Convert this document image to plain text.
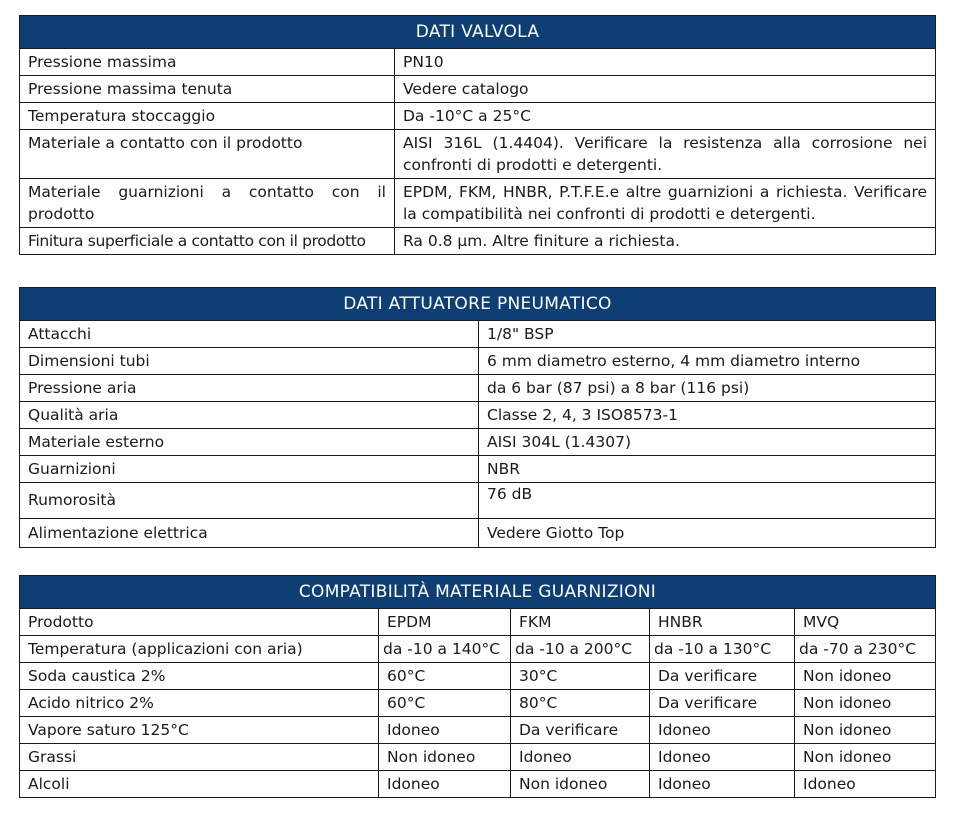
DATI VALVOLA	
Pressione massima	PN10
Pressione massima tenuta	Vedere catalogo
Temperatura stoccaggio	Da -10°C a 25°C
Materiale a contatto con il prodotto	AISI 316L (1.4404). Verificare la resistenza alla corrosione nei confronti di prodotti e detergenti.
Materiale guarnizioni a contatto con il prodotto	EPDM, FKM, HNBR, P.T.F.E.e altre guarnizioni a richiesta. Verificare la compatibilità nei confronti di prodotti e detergenti.
Finitura superficiale a contatto con il prodotto	Ra 0.8 μm. Altre finiture a richiesta.
DATI ATTUATORE PNEUMATICO	
Attacchi	1/8" BSP
Dimensioni tubi	6 mm diametro esterno, 4 mm diametro interno
Pressione aria	da 6 bar (87 psi) a 8 bar (116 psi)
Qualità aria	Classe 2, 4, 3 ISO8573-1
Materiale esterno	AISI 304L (1.4307)
Guarnizioni	NBR
Rumorosità	76 dB
Alimentazione elettrica	Vedere Giotto Top
COMPATIBILITÀ MATERIALE GUARNIZIONI				
Prodotto	EPDM	FKM	HNBR	MVQ
Temperatura (applicazioni con aria)	da -10 a 140°C	da -10 a 200°C	da -10 a 130°C	da -70 a 230°C
Soda caustica 2%	60°C	30°C	Da verificare	Non idoneo
Acido nitrico 2%	60°C	80°C	Da verificare	Non idoneo
Vapore saturo 125°C	Idoneo	Da verificare	Idoneo	Non idoneo
Grassi	Non idoneo	Idoneo	Idoneo	Non idoneo
Alcoli	Idoneo	Non idoneo	Idoneo	Idoneo
